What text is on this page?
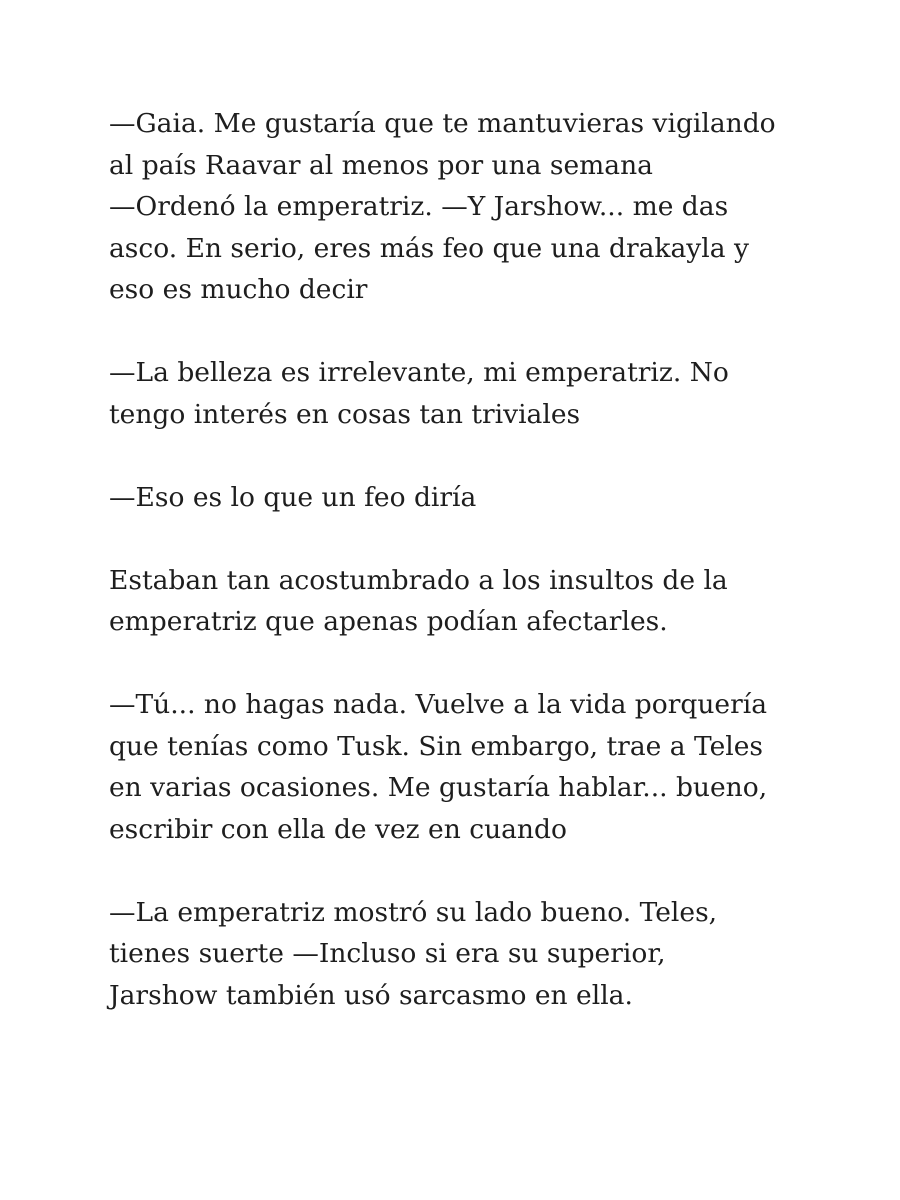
—Gaia. Me gustaría que te mantuvieras vigilando
al país Raavar al menos por una semana
—Ordenó la emperatriz. —Y Jarshow... me das
asco. En serio, eres más feo que una drakayla y
eso es mucho decir
—La belleza es irrelevante, mi emperatriz. No
tengo interés en cosas tan triviales
—Eso es lo que un feo diría
Estaban tan acostumbrado a los insultos de la
emperatriz que apenas podían afectarles.
—Tú... no hagas nada. Vuelve a la vida porquería
que tenías como Tusk. Sin embargo, trae a Teles
en varias ocasiones. Me gustaría hablar... bueno,
escribir con ella de vez en cuando
—La emperatriz mostró su lado bueno. Teles,
tienes suerte —Incluso si era su superior,
Jarshow también usó sarcasmo en ella.
